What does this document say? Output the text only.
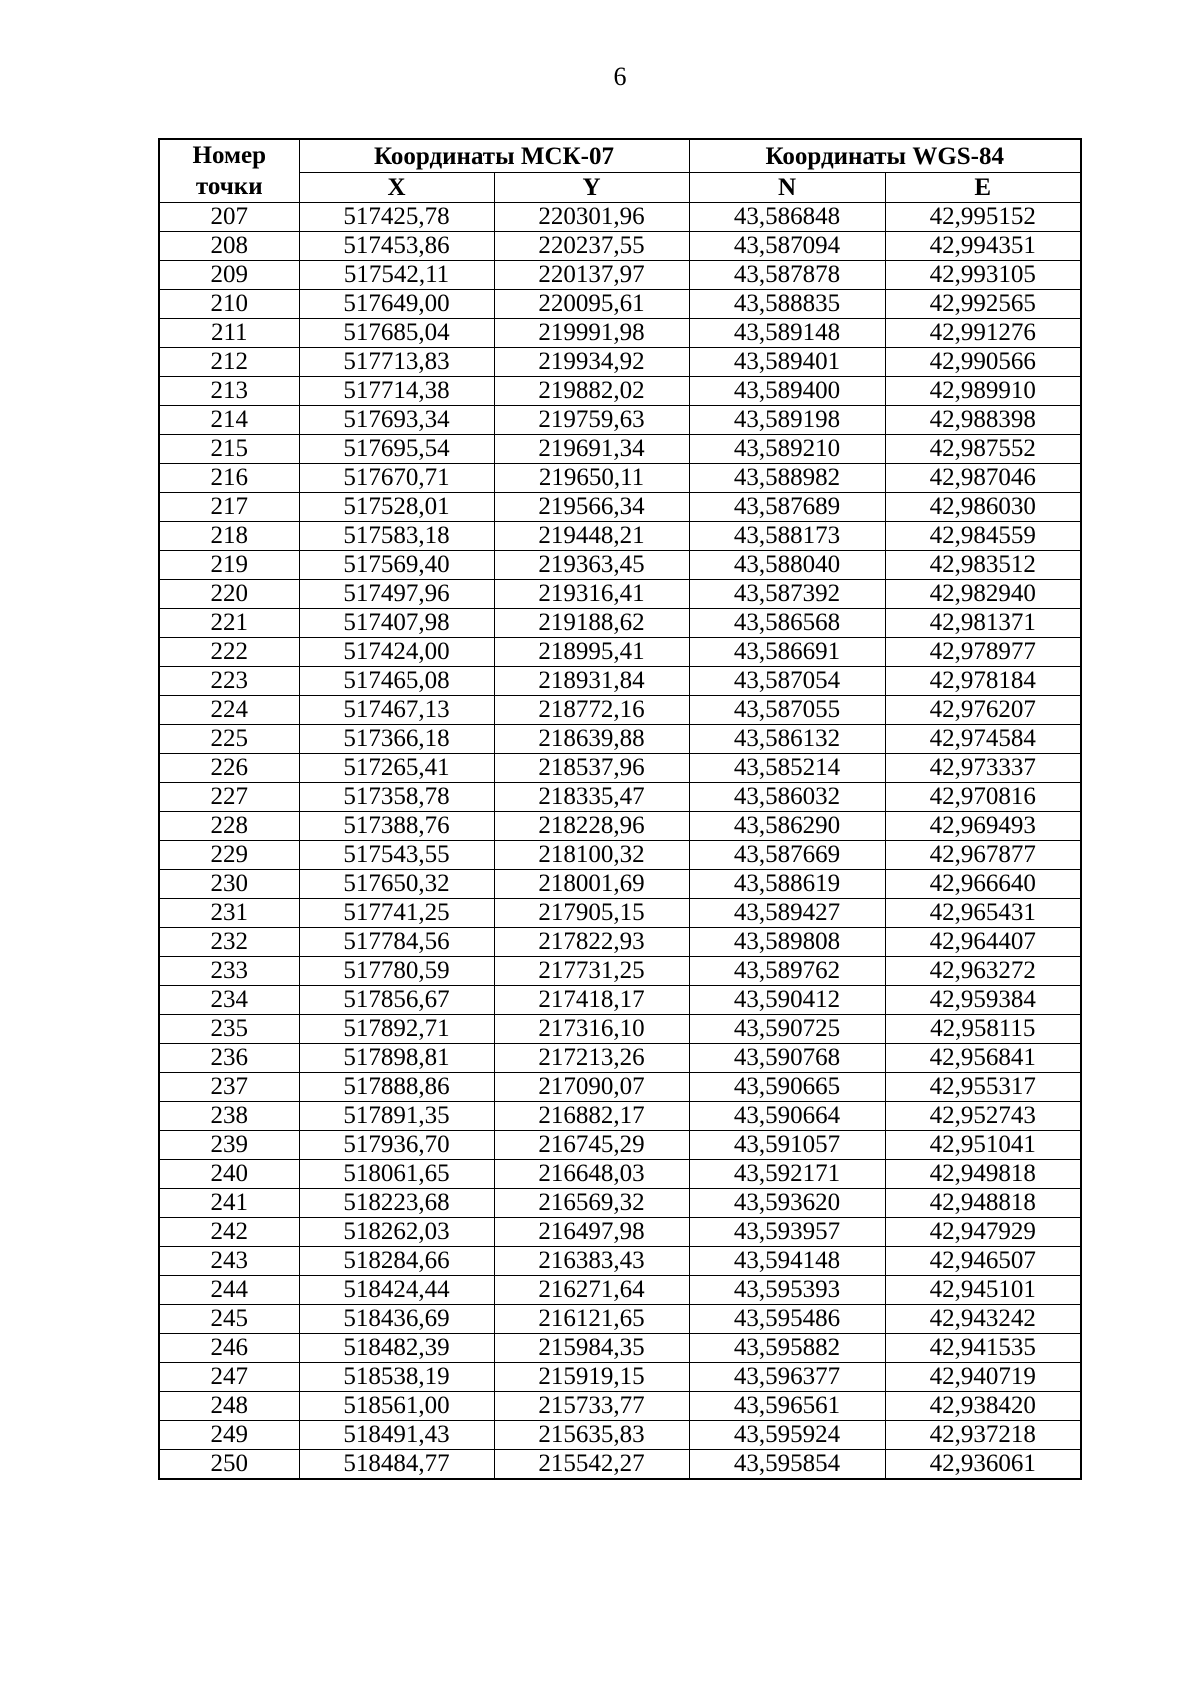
6
Номер
точки	Координаты МСК-07		Координаты WGS-84	
	X	Y	N	E
207	517425,78	220301,96	43,586848	42,995152
208	517453,86	220237,55	43,587094	42,994351
209	517542,11	220137,97	43,587878	42,993105
210	517649,00	220095,61	43,588835	42,992565
211	517685,04	219991,98	43,589148	42,991276
212	517713,83	219934,92	43,589401	42,990566
213	517714,38	219882,02	43,589400	42,989910
214	517693,34	219759,63	43,589198	42,988398
215	517695,54	219691,34	43,589210	42,987552
216	517670,71	219650,11	43,588982	42,987046
217	517528,01	219566,34	43,587689	42,986030
218	517583,18	219448,21	43,588173	42,984559
219	517569,40	219363,45	43,588040	42,983512
220	517497,96	219316,41	43,587392	42,982940
221	517407,98	219188,62	43,586568	42,981371
222	517424,00	218995,41	43,586691	42,978977
223	517465,08	218931,84	43,587054	42,978184
224	517467,13	218772,16	43,587055	42,976207
225	517366,18	218639,88	43,586132	42,974584
226	517265,41	218537,96	43,585214	42,973337
227	517358,78	218335,47	43,586032	42,970816
228	517388,76	218228,96	43,586290	42,969493
229	517543,55	218100,32	43,587669	42,967877
230	517650,32	218001,69	43,588619	42,966640
231	517741,25	217905,15	43,589427	42,965431
232	517784,56	217822,93	43,589808	42,964407
233	517780,59	217731,25	43,589762	42,963272
234	517856,67	217418,17	43,590412	42,959384
235	517892,71	217316,10	43,590725	42,958115
236	517898,81	217213,26	43,590768	42,956841
237	517888,86	217090,07	43,590665	42,955317
238	517891,35	216882,17	43,590664	42,952743
239	517936,70	216745,29	43,591057	42,951041
240	518061,65	216648,03	43,592171	42,949818
241	518223,68	216569,32	43,593620	42,948818
242	518262,03	216497,98	43,593957	42,947929
243	518284,66	216383,43	43,594148	42,946507
244	518424,44	216271,64	43,595393	42,945101
245	518436,69	216121,65	43,595486	42,943242
246	518482,39	215984,35	43,595882	42,941535
247	518538,19	215919,15	43,596377	42,940719
248	518561,00	215733,77	43,596561	42,938420
249	518491,43	215635,83	43,595924	42,937218
250	518484,77	215542,27	43,595854	42,936061
